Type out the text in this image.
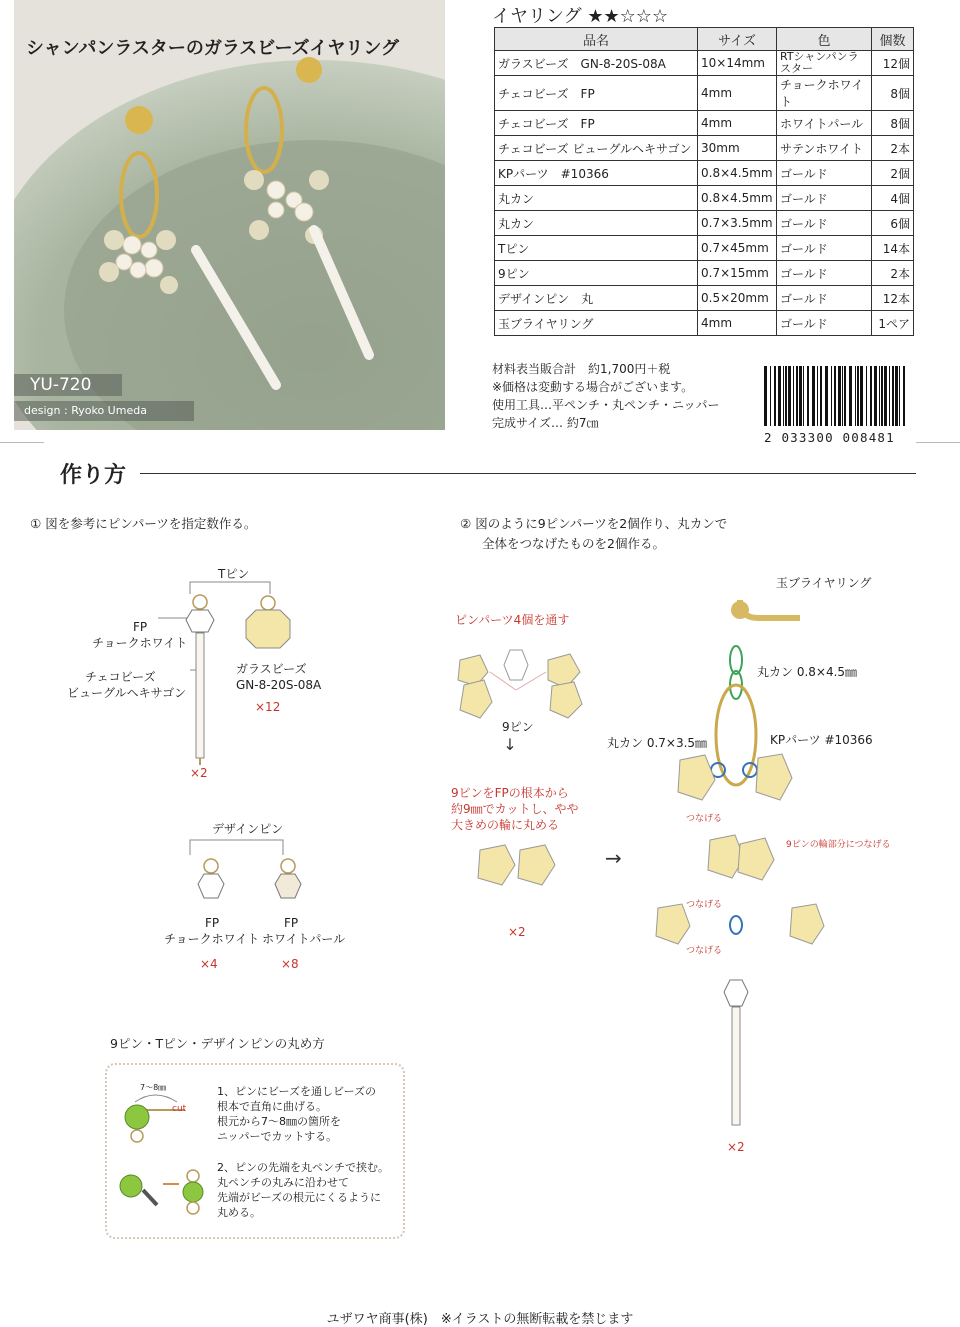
シャンパンラスターのガラスビーズイヤリング
YU-720
design : Ryoko Umeda
イヤリング ★★☆☆☆
品名	サイズ	色	個数
ガラスビーズ　GN-8-20S-08A	10×14mm	RTシャンパンラスター	12個
チェコビーズ　FP	4mm	チョークホワイト	8個
チェコビーズ　FP	4mm	ホワイトパール	8個
チェコビーズ ビューグルヘキサゴン	30mm	サテンホワイト	2本
KPパーツ　#10366	0.8×4.5mm	ゴールド	2個
丸カン	0.8×4.5mm	ゴールド	4個
丸カン	0.7×3.5mm	ゴールド	6個
Tピン	0.7×45mm	ゴールド	14本
9ピン	0.7×15mm	ゴールド	2本
デザインピン　丸	0.5×20mm	ゴールド	12本
玉ブライヤリング	4mm	ゴールド	1ペア
材料表当販合計　約1,700円＋税
※価格は変動する場合がございます。
使用工具…平ペンチ・丸ペンチ・ニッパー
完成サイズ… 約7㎝
2 033300 008481
作り方
① 図を参考にピンパーツを指定数作る。	② 図のように9ピンパーツを2個作り、丸カンで
全体をつなげたものを2個作る。
Tピン
FP
チョークホワイト
チェコビーズ
ビューグルヘキサゴン
ガラスビーズ
GN-8-20S-08A
×12
×2
デザインピン
FP
チョークホワイト
FP
ホワイトパール
×4	×8
9ピン・Tピン・デザインピンの丸め方
7～8㎜
cut
1、ピンにビーズを通しビーズの
根本で直角に曲げる。
根元から7～8㎜の箇所を
ニッパーでカットする。
2、ピンの先端を丸ペンチで挟む。
丸ペンチの丸みに沿わせて
先端がビーズの根元にくるように
丸める。
↓
→
ピンパーツ4個を通す
9ピン
9ピンをFPの根本から
約9㎜でカットし、やや
大きめの輪に丸める
×2
玉ブライヤリング
丸カン 0.8×4.5㎜
KPパーツ #10366
丸カン 0.7×3.5㎜
つなげる
9ピンの輪部分につなげる
つなげる
つなげる
×2
ユザワヤ商事(株)　※イラストの無断転載を禁じます
